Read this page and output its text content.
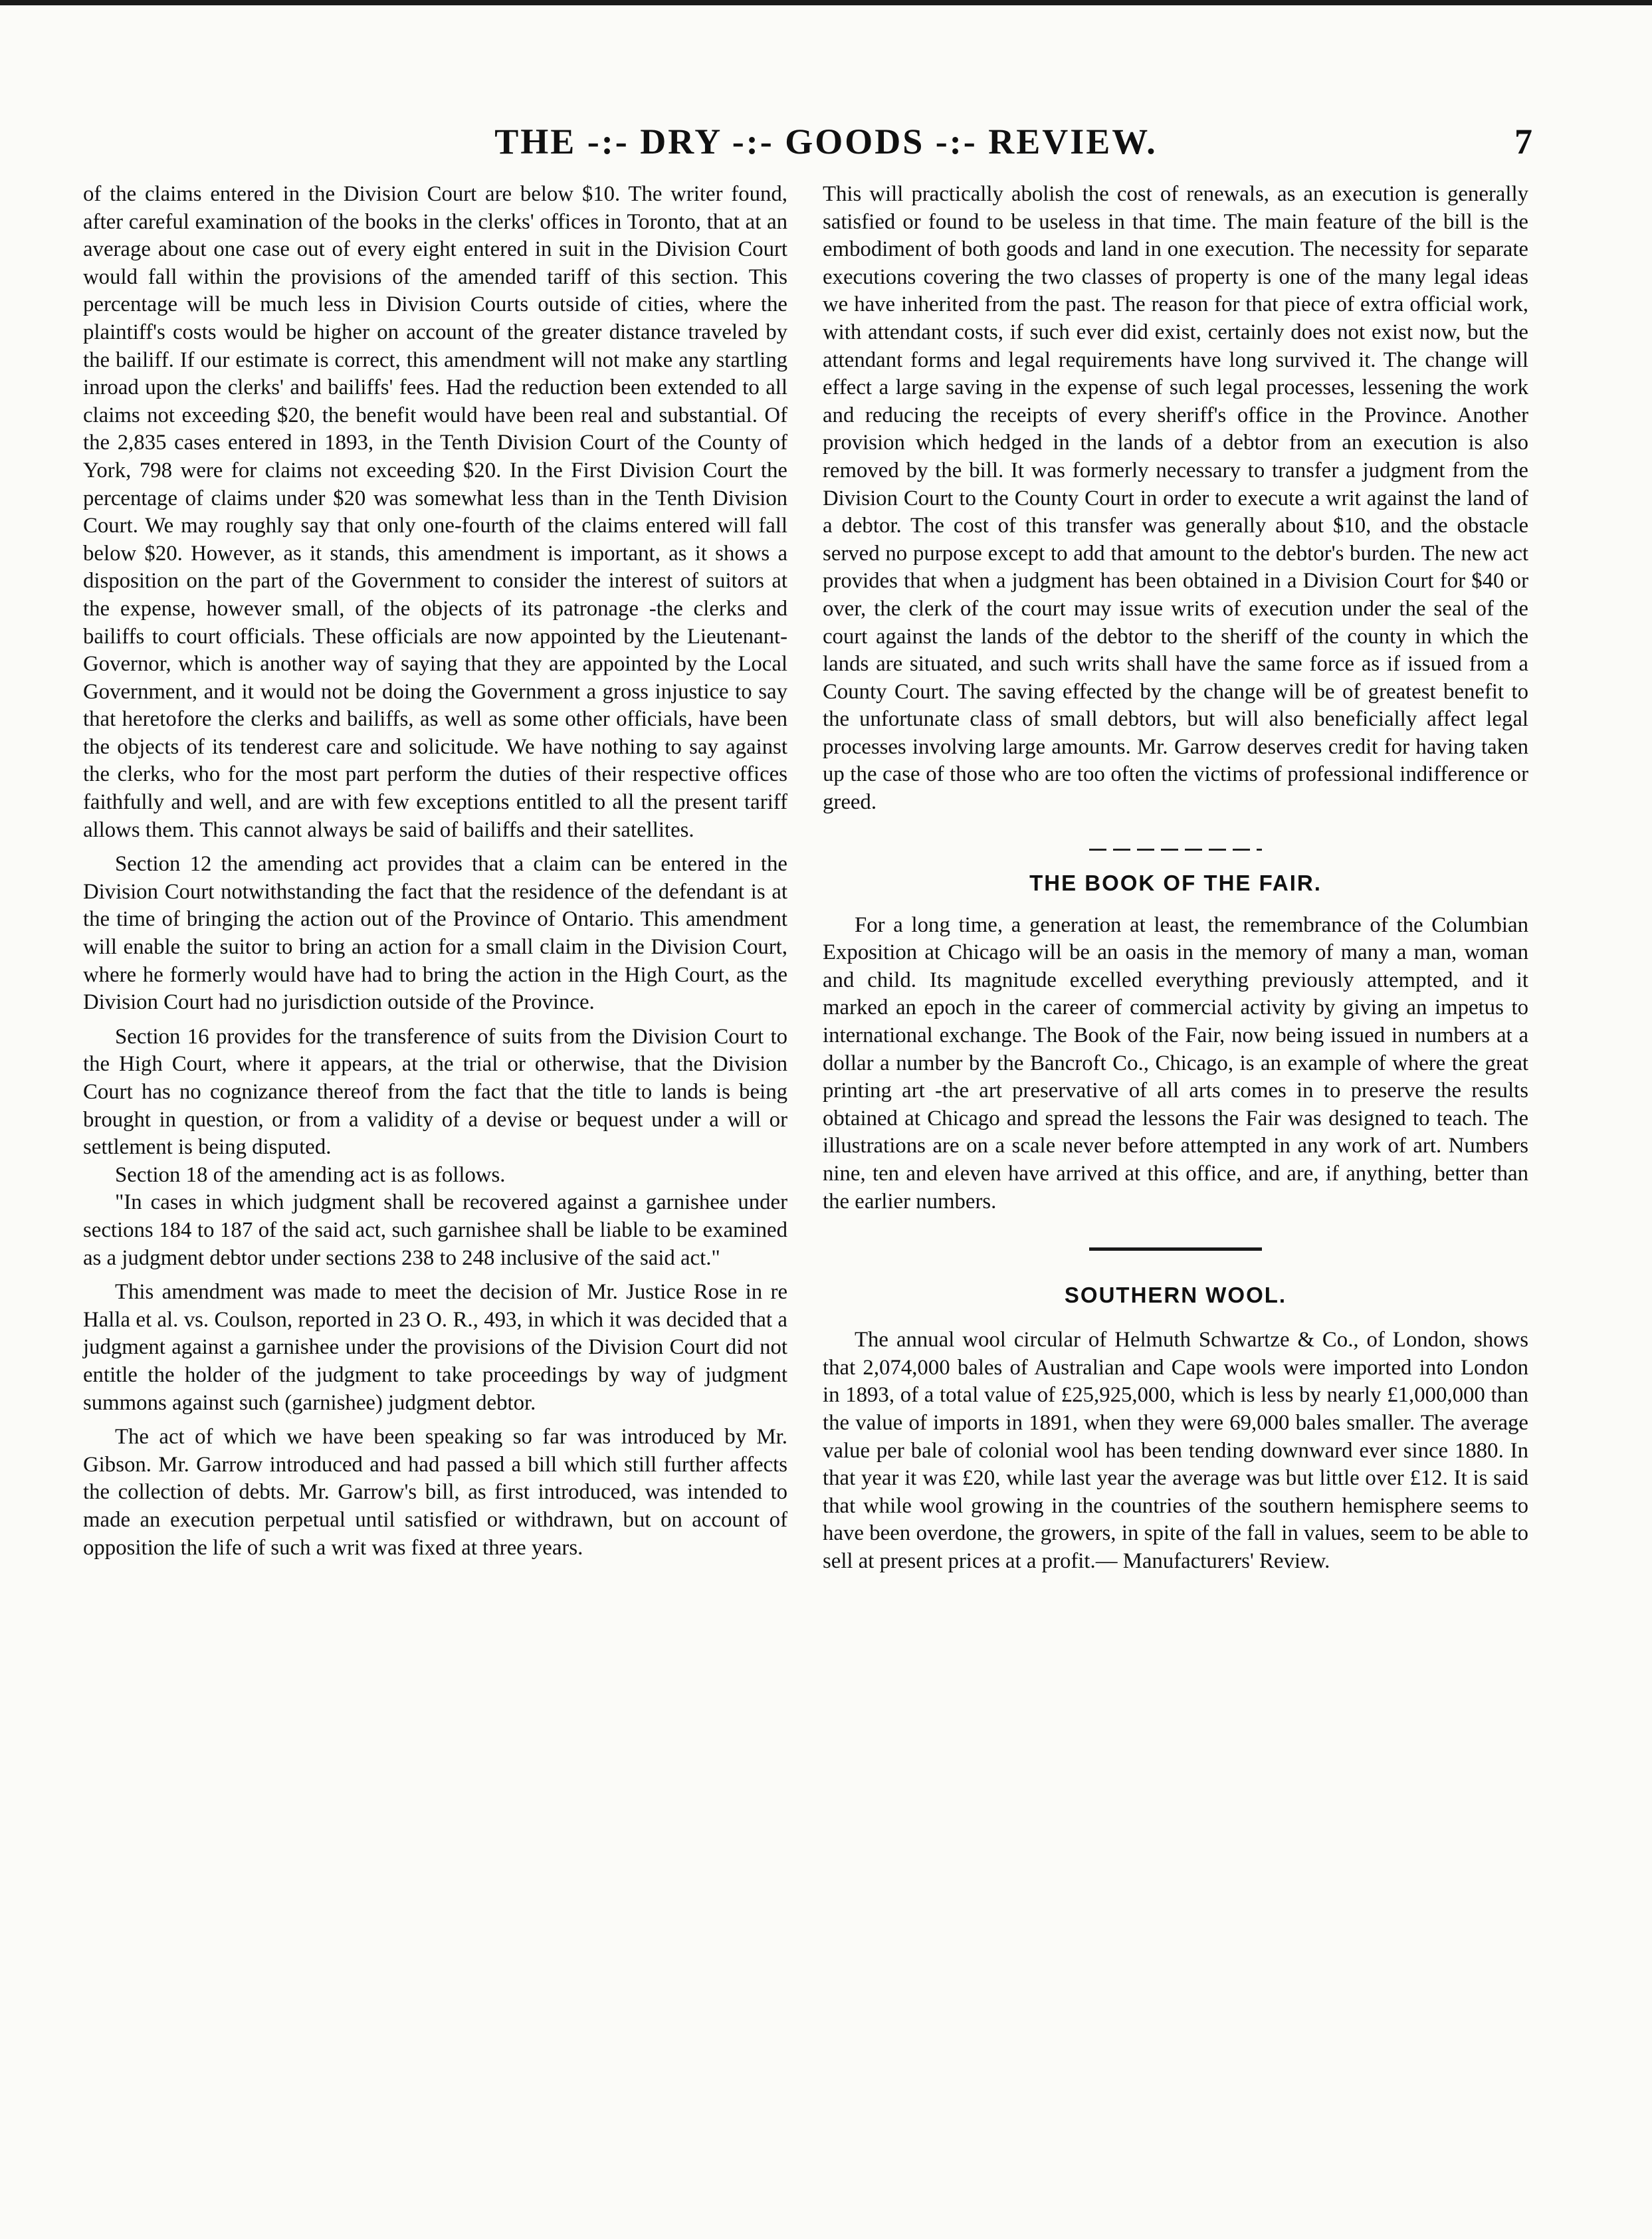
THE -:- DRY -:- GOODS -:- REVIEW.	7

of the claims entered in the Division Court are below $10. The writer found, after careful examination of the books in the clerks' offices in Toronto, that at an average about one case out of every eight entered in suit in the Division Court would fall within the provisions of the amended tariff of this section. This percentage will be much less in Division Courts outside of cities, where the plaintiff's costs would be higher on account of the greater distance traveled by the bailiff. If our estimate is correct, this amendment will not make any startling inroad upon the clerks' and bailiffs' fees. Had the reduction been extended to all claims not exceeding $20, the benefit would have been real and substantial. Of the 2,835 cases entered in 1893, in the Tenth Division Court of the County of York, 798 were for claims not exceeding $20. In the First Division Court the percentage of claims under $20 was somewhat less than in the Tenth Division Court. We may roughly say that only one-fourth of the claims entered will fall below $20. However, as it stands, this amendment is important, as it shows a disposition on the part of the Government to consider the interest of suitors at the expense, however small, of the objects of its patronage -the clerks and bailiffs to court officials. These officials are now appointed by the Lieutenant-Governor, which is another way of saying that they are appointed by the Local Government, and it would not be doing the Government a gross injustice to say that heretofore the clerks and bailiffs, as well as some other officials, have been the objects of its tenderest care and solicitude. We have nothing to say against the clerks, who for the most part perform the duties of their respective offices faithfully and well, and are with few exceptions entitled to all the present tariff allows them. This cannot always be said of bailiffs and their satellites.

Section 12 the amending act provides that a claim can be entered in the Division Court notwithstanding the fact that the residence of the defendant is at the time of bringing the action out of the Province of Ontario. This amendment will enable the suitor to bring an action for a small claim in the Division Court, where he formerly would have had to bring the action in the High Court, as the Division Court had no jurisdiction outside of the Province.

Section 16 provides for the transference of suits from the Division Court to the High Court, where it appears, at the trial or otherwise, that the Division Court has no cognizance thereof from the fact that the title to lands is being brought in question, or from a validity of a devise or bequest under a will or settlement is being disputed.

Section 18 of the amending act is as follows.

"In cases in which judgment shall be recovered against a garnishee under sections 184 to 187 of the said act, such garnishee shall be liable to be examined as a judgment debtor under sections 238 to 248 inclusive of the said act."

This amendment was made to meet the decision of Mr. Justice Rose in re Halla et al. vs. Coulson, reported in 23 O. R., 493, in which it was decided that a judgment against a garnishee under the provisions of the Division Court did not entitle the holder of the judgment to take proceedings by way of judgment summons against such (garnishee) judgment debtor.

The act of which we have been speaking so far was introduced by Mr. Gibson. Mr. Garrow introduced and had passed a bill which still further affects the collection of debts. Mr. Garrow's bill, as first introduced, was intended to made an execution perpetual until satisfied or withdrawn, but on account of opposition the life of such a writ was fixed at three years.

This will practically abolish the cost of renewals, as an execution is generally satisfied or found to be useless in that time. The main feature of the bill is the embodiment of both goods and land in one execution. The necessity for separate executions covering the two classes of property is one of the many legal ideas we have inherited from the past. The reason for that piece of extra official work, with attendant costs, if such ever did exist, certainly does not exist now, but the attendant forms and legal requirements have long survived it. The change will effect a large saving in the expense of such legal processes, lessening the work and reducing the receipts of every sheriff's office in the Province. Another provision which hedged in the lands of a debtor from an execution is also removed by the bill. It was formerly necessary to transfer a judgment from the Division Court to the County Court in order to execute a writ against the land of a debtor. The cost of this transfer was generally about $10, and the obstacle served no purpose except to add that amount to the debtor's burden. The new act provides that when a judgment has been obtained in a Division Court for $40 or over, the clerk of the court may issue writs of execution under the seal of the court against the lands of the debtor to the sheriff of the county in which the lands are situated, and such writs shall have the same force as if issued from a County Court. The saving effected by the change will be of greatest benefit to the unfortunate class of small debtors, but will also beneficially affect legal processes involving large amounts. Mr. Garrow deserves credit for having taken up the case of those who are too often the victims of professional indifference or greed.

THE BOOK OF THE FAIR.

For a long time, a generation at least, the remembrance of the Columbian Exposition at Chicago will be an oasis in the memory of many a man, woman and child. Its magnitude excelled everything previously attempted, and it marked an epoch in the career of commercial activity by giving an impetus to international exchange. The Book of the Fair, now being issued in numbers at a dollar a number by the Bancroft Co., Chicago, is an example of where the great printing art -the art preservative of all arts comes in to preserve the results obtained at Chicago and spread the lessons the Fair was designed to teach. The illustrations are on a scale never before attempted in any work of art. Numbers nine, ten and eleven have arrived at this office, and are, if anything, better than the earlier numbers.

SOUTHERN WOOL.

The annual wool circular of Helmuth Schwartze & Co., of London, shows that 2,074,000 bales of Australian and Cape wools were imported into London in 1893, of a total value of £25,925,000, which is less by nearly £1,000,000 than the value of imports in 1891, when they were 69,000 bales smaller. The average value per bale of colonial wool has been tending downward ever since 1880. In that year it was £20, while last year the average was but little over £12. It is said that while wool growing in the countries of the southern hemisphere seems to have been overdone, the growers, in spite of the fall in values, seem to be able to sell at present prices at a profit.— Manufacturers' Review.
